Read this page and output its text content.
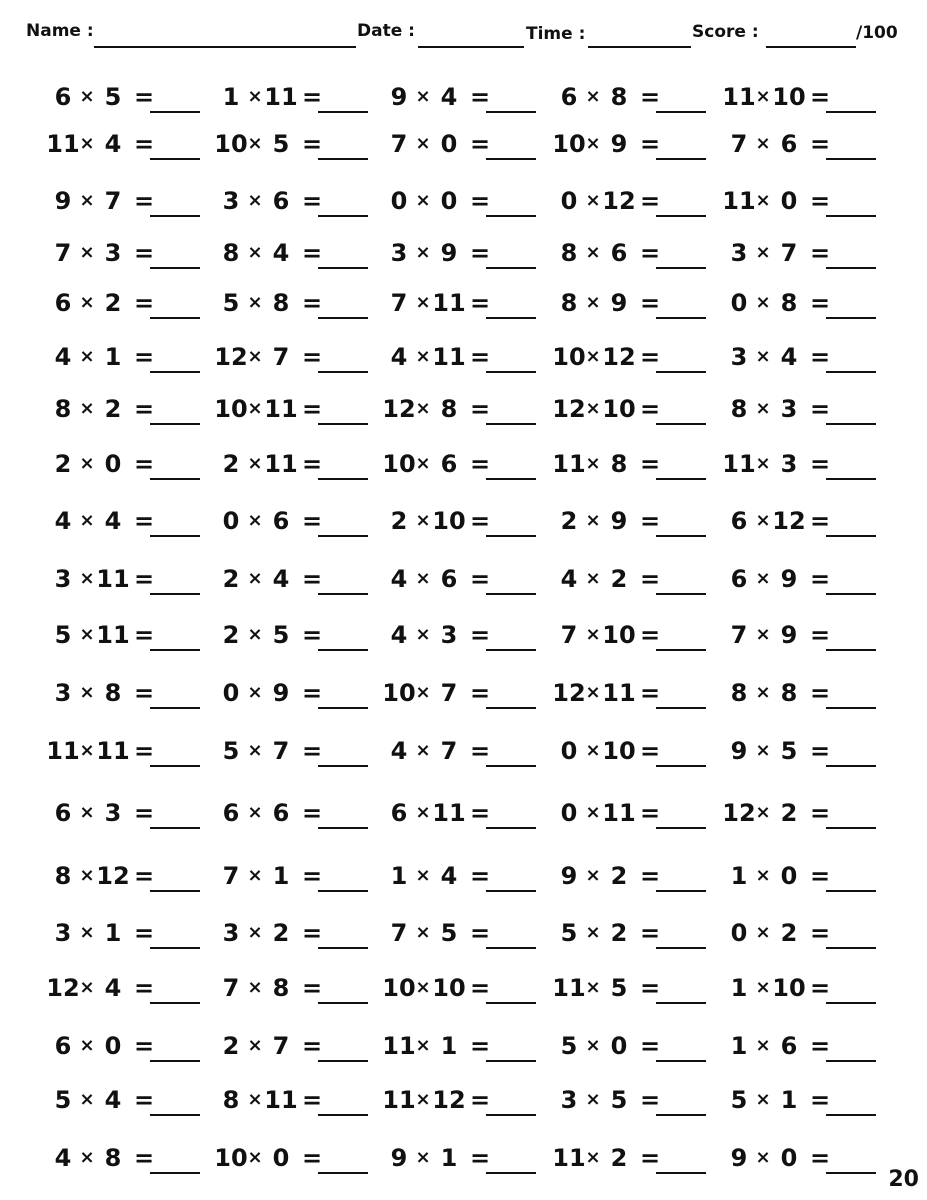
Name :	Date :	Time :	Score :	/100
6 × 5 =	1 × 11 =	9 × 4 =	6 × 8 =	11 × 10 =
11 × 4 =	10 × 5 =	7 × 0 =	10 × 9 =	7 × 6 =
9 × 7 =	3 × 6 =	0 × 0 =	0 × 12 =	11 × 0 =
7 × 3 =	8 × 4 =	3 × 9 =	8 × 6 =	3 × 7 =
6 × 2 =	5 × 8 =	7 × 11 =	8 × 9 =	0 × 8 =
4 × 1 =	12 × 7 =	4 × 11 =	10 × 12 =	3 × 4 =
8 × 2 =	10 × 11 =	12 × 8 =	12 × 10 =	8 × 3 =
2 × 0 =	2 × 11 =	10 × 6 =	11 × 8 =	11 × 3 =
4 × 4 =	0 × 6 =	2 × 10 =	2 × 9 =	6 × 12 =
3 × 11 =	2 × 4 =	4 × 6 =	4 × 2 =	6 × 9 =
5 × 11 =	2 × 5 =	4 × 3 =	7 × 10 =	7 × 9 =
3 × 8 =	0 × 9 =	10 × 7 =	12 × 11 =	8 × 8 =
11 × 11 =	5 × 7 =	4 × 7 =	0 × 10 =	9 × 5 =
6 × 3 =	6 × 6 =	6 × 11 =	0 × 11 =	12 × 2 =
8 × 12 =	7 × 1 =	1 × 4 =	9 × 2 =	1 × 0 =
3 × 1 =	3 × 2 =	7 × 5 =	5 × 2 =	0 × 2 =
12 × 4 =	7 × 8 =	10 × 10 =	11 × 5 =	1 × 10 =
6 × 0 =	2 × 7 =	11 × 1 =	5 × 0 =	1 × 6 =
5 × 4 =	8 × 11 =	11 × 12 =	3 × 5 =	5 × 1 =
4 × 8 =	10 × 0 =	9 × 1 =	11 × 2 =	9 × 0 =
20
